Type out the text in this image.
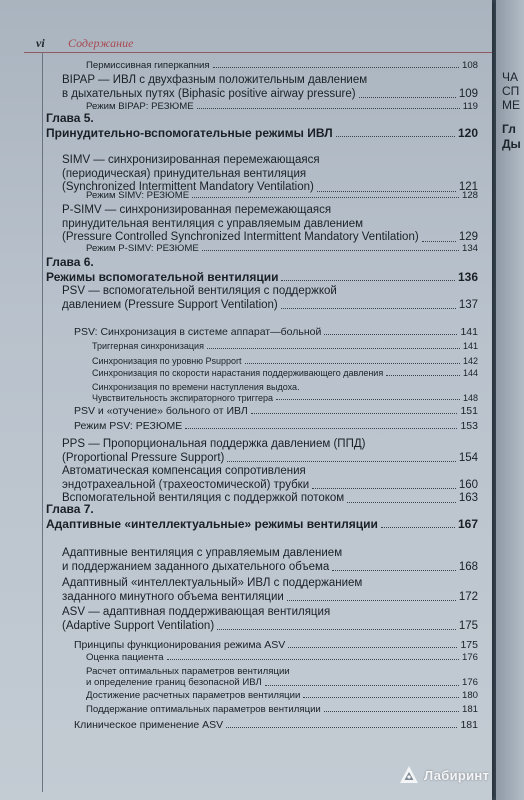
vi Содержание
Пермиссивная гиперкапния	108
BIPAP — ИВЛ с двухфазным положительным давлением
в дыхательных путях (Biphasic positive airway pressure)	109
Режим BIPAP: РЕЗЮМЕ	119
Глава 5.
Принудительно-вспомогательные режимы ИВЛ	120
SIMV — синхронизированная перемежающаяся
(периодическая) принудительная вентиляция
(Synchronized Intermittent Mandatory Ventilation)	121
Режим SIMV: РЕЗЮМЕ	128
P-SIMV — синхронизированная перемежающаяся
принудительная вентиляция с управляемым давлением
(Pressure Controlled Synchronized Intermittent Mandatory Ventilation)	129
Режим P-SIMV: РЕЗЮМЕ	134
Глава 6.
Режимы вспомогательной вентиляции	136
PSV — вспомогательной вентиляция с поддержкой
давлением (Pressure Support Ventilation)	137
PSV: Синхронизация в системе аппарат—больной	141
Триггерная синхронизация	141
Синхронизация по уровню Psupport	142
Синхронизация по скорости нарастания поддерживающего давления	144
Синхронизация по времени наступления выдоха.
Чувствительность экспираторного триггера	148
PSV и «отучение» больного от ИВЛ	151
Режим PSV: РЕЗЮМЕ	153
PPS — Пропорциональная поддержка давлением (ППД)
(Proportional Pressure Support)	154
Автоматическая компенсация сопротивления
эндотрахеальной (трахеостомической) трубки	160
Вспомогательной вентиляция с поддержкой потоком	163
Глава 7.
Адаптивные «интеллектуальные» режимы вентиляции	167
Адаптивные вентиляция с управляемым давлением
и поддержанием заданного дыхательного объема	168
Адаптивный «интеллектуальный» ИВЛ с поддержанием
заданного минутного объема вентиляции	172
ASV — адаптивная поддерживающая вентиляция
(Adaptive Support Ventilation)	175
Принципы функционирования режима ASV	175
Оценка пациента	176
Расчет оптимальных параметров вентиляции
и определение границ безопасной ИВЛ	176
Достижение расчетных параметров вентиляции	180
Поддержание оптимальных параметров вентиляции	181
Клиническое применение ASV	181
Лабиринт
ЧА
СП
МЕ
Гл
Ды
